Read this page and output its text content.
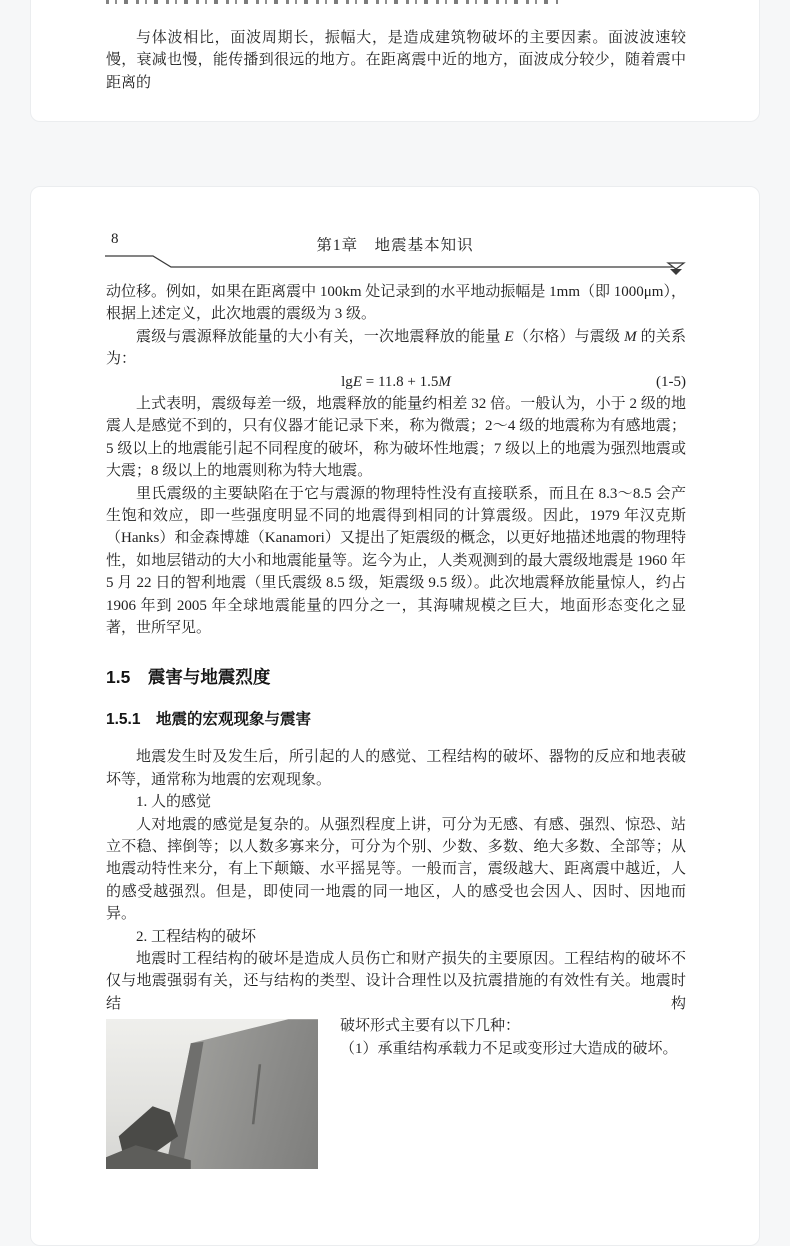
与体波相比，面波周期长，振幅大，是造成建筑物破坏的主要因素。面波波速较慢，衰减也慢，能传播到很远的地方。在距离震中近的地方，面波成分较少，随着震中距离的

8	第1章　地震基本知识

动位移。例如，如果在距离震中 100km 处记录到的水平地动振幅是 1mm（即 1000μm），根据上述定义，此次地震的震级为 3 级。

震级与震源释放能量的大小有关，一次地震释放的能量 E（尔格）与震级 M 的关系为：

lgE = 11.8 + 1.5M	(1-5)

上式表明，震级每差一级，地震释放的能量约相差 32 倍。一般认为，小于 2 级的地震人是感觉不到的，只有仪器才能记录下来，称为微震；2～4 级的地震称为有感地震；5 级以上的地震能引起不同程度的破坏，称为破坏性地震；7 级以上的地震为强烈地震或大震；8 级以上的地震则称为特大地震。

里氏震级的主要缺陷在于它与震源的物理特性没有直接联系，而且在 8.3～8.5 会产生饱和效应，即一些强度明显不同的地震得到相同的计算震级。因此，1979 年汉克斯（Hanks）和金森博雄（Kanamori）又提出了矩震级的概念，以更好地描述地震的物理特性，如地层错动的大小和地震能量等。迄今为止，人类观测到的最大震级地震是 1960 年 5 月 22 日的智利地震（里氏震级 8.5 级，矩震级 9.5 级）。此次地震释放能量惊人，约占 1906 年到 2005 年全球地震能量的四分之一，其海啸规模之巨大，地面形态变化之显著，世所罕见。

1.5　震害与地震烈度

1.5.1　地震的宏观现象与震害

地震发生时及发生后，所引起的人的感觉、工程结构的破坏、器物的反应和地表破坏等，通常称为地震的宏观现象。

1. 人的感觉

人对地震的感觉是复杂的。从强烈程度上讲，可分为无感、有感、强烈、惊恐、站立不稳、摔倒等；以人数多寡来分，可分为个别、少数、多数、绝大多数、全部等；从地震动特性来分，有上下颠簸、水平摇晃等。一般而言，震级越大、距离震中越近，人的感受越强烈。但是，即使同一地震的同一地区，人的感受也会因人、因时、因地而异。

2. 工程结构的破坏

地震时工程结构的破坏是造成人员伤亡和财产损失的主要原因。工程结构的破坏不仅与地震强弱有关，还与结构的类型、设计合理性以及抗震措施的有效性有关。地震时结构

破坏形式主要有以下几种：

（1）承重结构承载力不足或变形过大造成的破坏。
